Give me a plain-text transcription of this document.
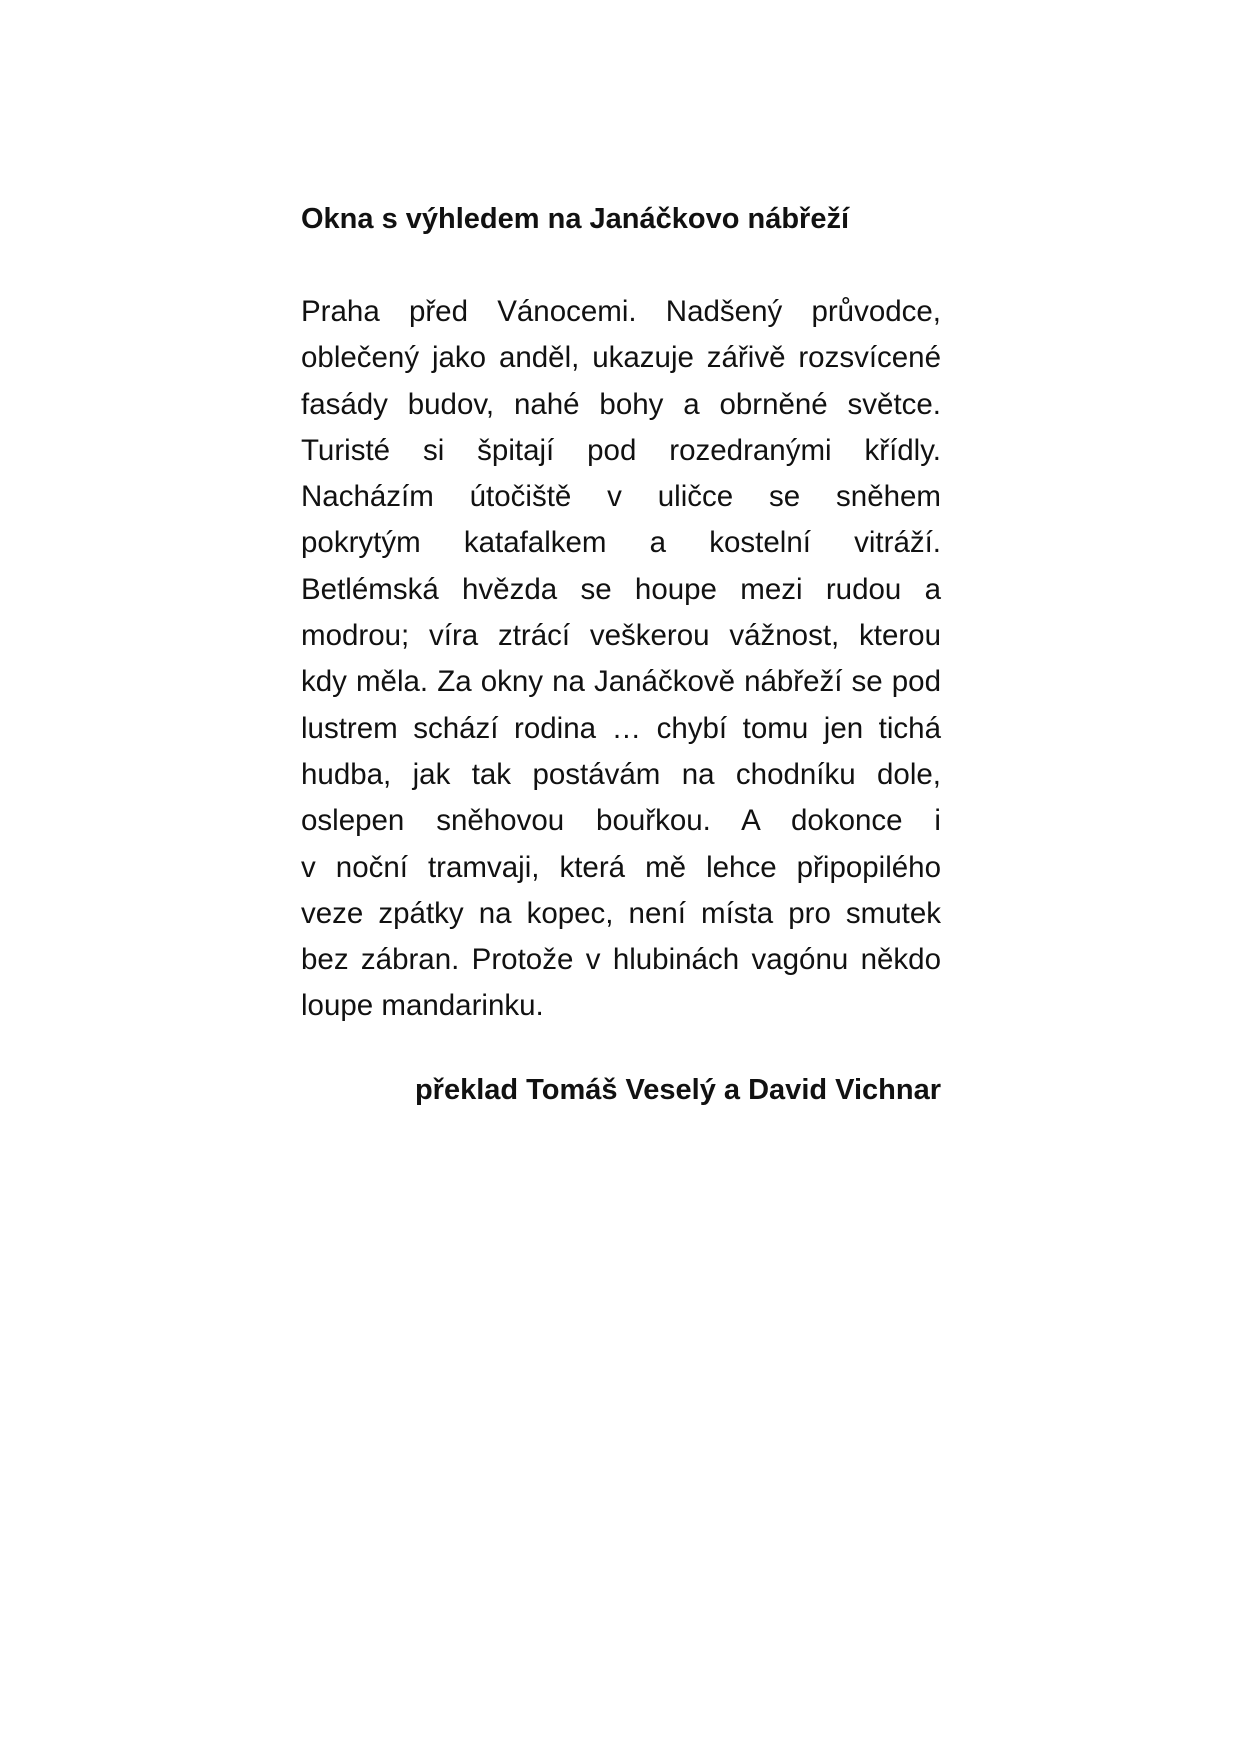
Okna s výhledem na Janáčkovo nábřeží
Praha před Vánocemi. Nadšený průvodce,
oblečený jako anděl, ukazuje zářivě rozsvícené
fasády budov, nahé bohy a obrněné světce.
Turisté si špitají pod rozedranými křídly.
Nacházím útočiště v uličce se sněhem
pokrytým katafalkem a kostelní vitráží.
Betlémská hvězda se houpe mezi rudou a
modrou; víra ztrácí veškerou vážnost, kterou
kdy měla. Za okny na Janáčkově nábřeží se pod
lustrem schází rodina … chybí tomu jen tichá
hudba, jak tak postávám na chodníku dole,
oslepen sněhovou bouřkou. A dokonce i
v noční tramvaji, která mě lehce připopilého
veze zpátky na kopec, není místa pro smutek
bez zábran. Protože v hlubinách vagónu někdo
loupe mandarinku.
překlad Tomáš Veselý a David Vichnar
